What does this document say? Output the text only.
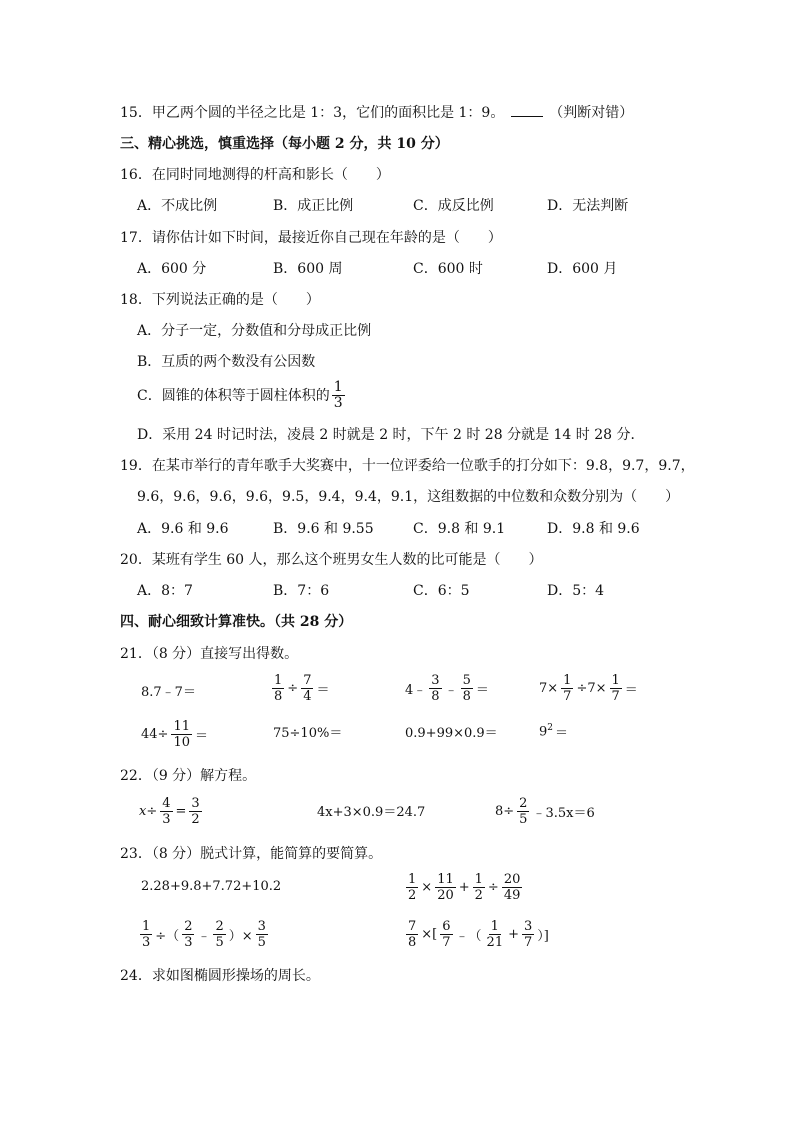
15．甲乙两个圆的半径之比是 1：3，它们的面积比是 1：9。	（判断对错）
三、精心挑选，慎重选择（每小题 2 分，共 10 分）
16．在同时同地测得的杆高和影长（　　）
A．不成比例	B．成正比例	C．成反比例	D．无法判断
17．请你估计如下时间，最接近你自己现在年龄的是（　　）
A．600 分	B．600 周	C．600 时	D．600 月
18．下列说法正确的是（　　）
A．分子一定，分数值和分母成正比例
B．互质的两个数没有公因数
C．圆锥的体积等于圆柱体积的 $\frac{1}{3}$
D．采用 24 时记时法，凌晨 2 时就是 2 时，下午 2 时 28 分就是 14 时 28 分．
19．在某市举行的青年歌手大奖赛中，十一位评委给一位歌手的打分如下：9.8，9.7，9.7，
9.6，9.6，9.6，9.6，9.5，9.4，9.4，9.1，这组数据的中位数和众数分别为（　　）
A．9.6 和 9.6	B．9.6 和 9.55	C．9.8 和 9.1	D．9.8 和 9.6
20．某班有学生 60 人，那么这个班男女生人数的比可能是（　　）
A．8：7	B．7：6	C．6：5	D．5：4
四、耐心细致计算准快。（共 28 分）
21．（8 分）直接写出得数。
8.7﹣7＝	$\frac{1}{8} \div \frac{7}{4}$ ＝	4﹣ $\frac{3}{8}$ ﹣ $\frac{5}{8}$ ＝	$7\times \frac{1}{7} \div 7\times \frac{1}{7}$ ＝
$44\div \frac{11}{10}$ ＝	75÷10%＝	0.9+99×0.9＝	$9^2$ ＝
22．（9 分）解方程。
$x\div \frac{4}{3} = \frac{3}{2}$	4x+3×0.9＝24.7	$8\div \frac{2}{5}$ ﹣3.5x＝6
23．（8 分）脱式计算，能简算的要简算。
2.28+9.8+7.72+10.2	$\frac{1}{2} \times \frac{11}{20} + \frac{1}{2} \div \frac{20}{49}$
$\frac{1}{3}$ ÷（ $\frac{2}{3}$ ﹣ $\frac{2}{5}$ ）× $\frac{3}{5}$	$\frac{7}{8}$ ×[ $\frac{6}{7}$ ﹣（ $\frac{1}{21} + \frac{3}{7}$ ）]
24．求如图椭圆形操场的周长。
